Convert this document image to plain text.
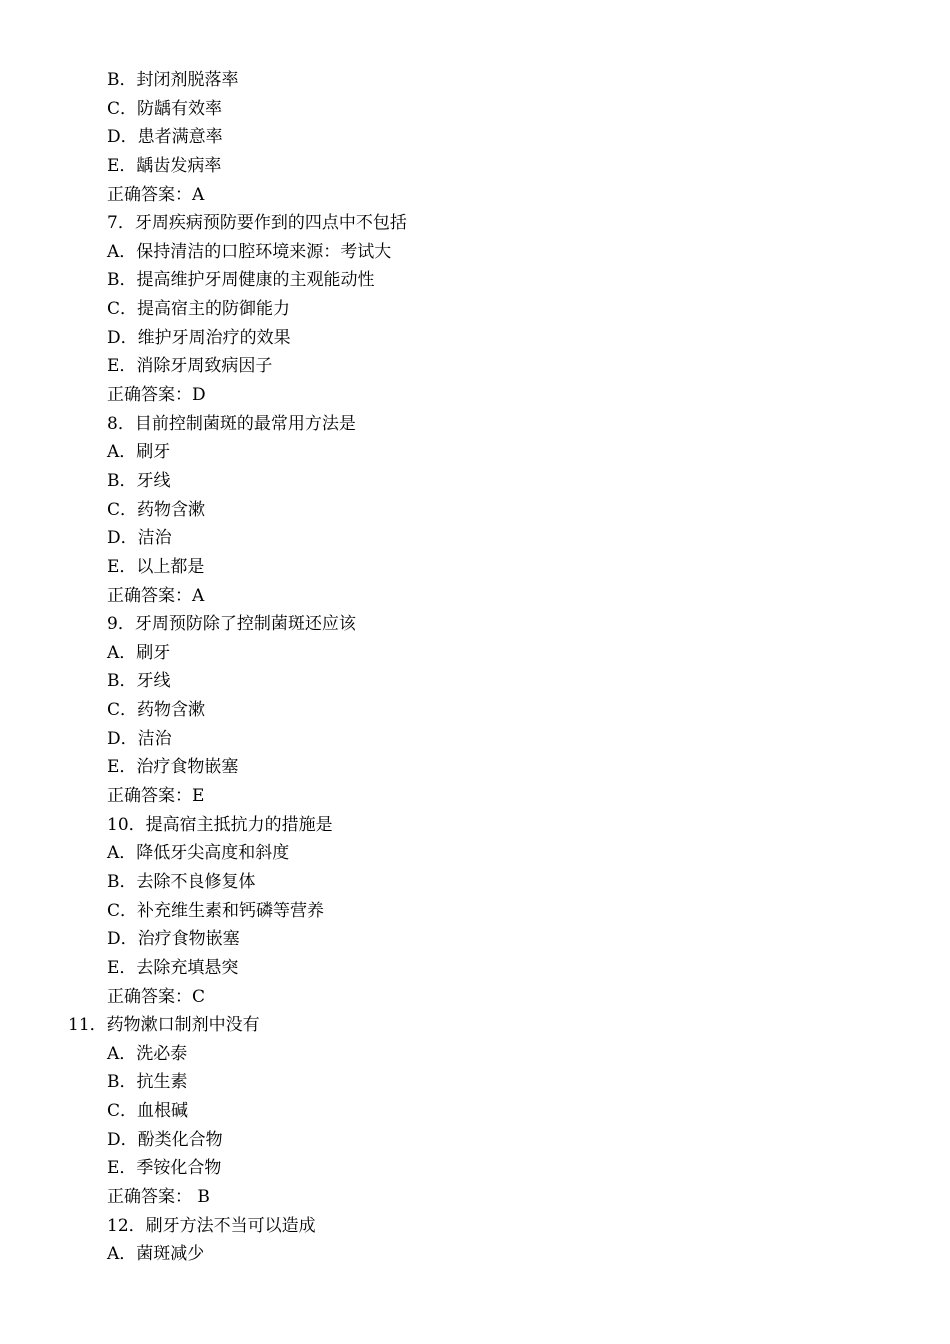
B．封闭剂脱落率
C．防龋有效率
D．患者满意率
E．龋齿发病率
正确答案：A
7．牙周疾病预防要作到的四点中不包括
A．保持清洁的口腔环境来源：考试大
B．提高维护牙周健康的主观能动性
C．提高宿主的防御能力
D．维护牙周治疗的效果
E．消除牙周致病因子
正确答案：D
8．目前控制菌斑的最常用方法是
A．刷牙
B．牙线
C．药物含漱
D．洁治
E．以上都是
正确答案：A
9．牙周预防除了控制菌斑还应该
A．刷牙
B．牙线
C．药物含漱
D．洁治
E．治疗食物嵌塞
正确答案：E
10．提高宿主抵抗力的措施是
A．降低牙尖高度和斜度
B．去除不良修复体
C．补充维生素和钙磷等营养
D．治疗食物嵌塞
E．去除充填悬突
正确答案：C
11．药物漱口制剂中没有
A．洗必泰
B．抗生素
C．血根碱
D．酚类化合物
E．季铵化合物
正确答案： B
12．刷牙方法不当可以造成
A．菌斑减少
